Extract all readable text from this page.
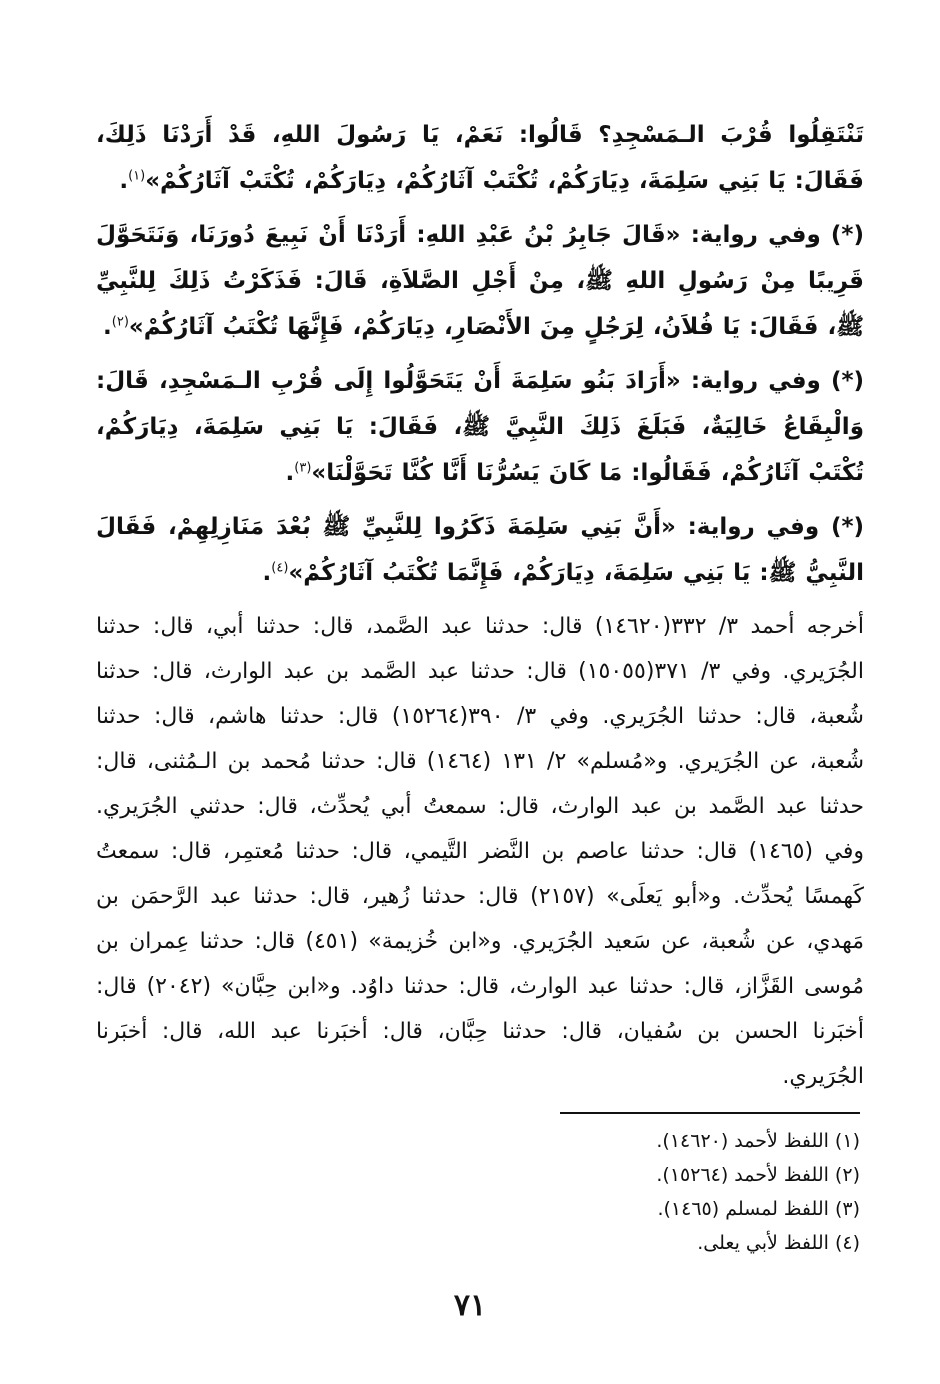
تَنْتَقِلُوا قُرْبَ الـمَسْجِدِ؟ قَالُوا: نَعَمْ، يَا رَسُولَ اللهِ، قَدْ أَرَدْنَا ذَلِكَ، فَقَالَ: يَا بَنِي سَلِمَةَ، دِيَارَكُمْ، تُكْتَبْ آثَارُكُمْ، دِيَارَكُمْ، تُكْتَبْ آثَارُكُمْ»$^{(١)}$.

(*) وفي رواية: «قَالَ جَابِرُ بْنُ عَبْدِ اللهِ: أَرَدْنَا أَنْ نَبِيعَ دُورَنَا، وَنَتَحَوَّلَ قَرِيبًا مِنْ رَسُولِ اللهِ ﷺ، مِنْ أَجْلِ الصَّلاَةِ، قَالَ: فَذَكَرْتُ ذَلِكَ لِلنَّبِيِّ ﷺ، فَقَالَ: يَا فُلاَنُ، لِرَجُلٍ مِنَ الأَنْصَارِ، دِيَارَكُمْ، فَإِنَّهَا تُكْتَبُ آثَارُكُمْ»$^{(٢)}$.

(*) وفي رواية: «أَرَادَ بَنُو سَلِمَةَ أَنْ يَتَحَوَّلُوا إِلَى قُرْبِ الـمَسْجِدِ، قَالَ: وَالْبِقَاعُ خَالِيَةٌ، فَبَلَغَ ذَلِكَ النَّبِيَّ ﷺ، فَقَالَ: يَا بَنِي سَلِمَةَ، دِيَارَكُمْ، تُكْتَبْ آثَارُكُمْ، فَقَالُوا: مَا كَانَ يَسُرُّنَا أَنَّا كُنَّا تَحَوَّلْنَا»$^{(٣)}$.

(*) وفي رواية: «أَنَّ بَنِي سَلِمَةَ ذَكَرُوا لِلنَّبِيِّ ﷺ بُعْدَ مَنَازِلِهِمْ، فَقَالَ النَّبِيُّ ﷺ: يَا بَنِي سَلِمَةَ، دِيَارَكُمْ، فَإِنَّمَا تُكْتَبُ آثَارُكُمْ»$^{(٤)}$.

أخرجه أحمد ٣/ ٣٣٢(١٤٦٢٠) قال: حدثنا عبد الصَّمد، قال: حدثنا أبي، قال: حدثنا الجُرَيري. وفي ٣/ ٣٧١(١٥٠٥٥) قال: حدثنا عبد الصَّمد بن عبد الوارث، قال: حدثنا شُعبة، قال: حدثنا الجُرَيري. وفي ٣/ ٣٩٠(١٥٢٦٤) قال: حدثنا هاشم، قال: حدثنا شُعبة، عن الجُرَيري. و«مُسلم» ٢/ ١٣١ (١٤٦٤) قال: حدثنا مُحمد بن الـمُثنى، قال: حدثنا عبد الصَّمد بن عبد الوارث، قال: سمعتُ أبي يُحدِّث، قال: حدثني الجُرَيري. وفي (١٤٦٥) قال: حدثنا عاصم بن النَّضر التَّيمي، قال: حدثنا مُعتمِر، قال: سمعتُ كَهمسًا يُحدِّث. و«أبو يَعلَى» (٢١٥٧) قال: حدثنا زُهير، قال: حدثنا عبد الرَّحمَن بن مَهدي، عن شُعبة، عن سَعيد الجُرَيري. و«ابن خُزيمة» (٤٥١) قال: حدثنا عِمران بن مُوسى القَزَّاز، قال: حدثنا عبد الوارث، قال: حدثنا داوُد. و«ابن حِبَّان» (٢٠٤٢) قال: أخبَرنا الحسن بن سُفيان، قال: حدثنا حِبَّان، قال: أخبَرنا عبد الله، قال: أخبَرنا الجُرَيري.

(١) اللفظ لأحمد (١٤٦٢٠).

(٢) اللفظ لأحمد (١٥٢٦٤).

(٣) اللفظ لمسلم (١٤٦٥).

(٤) اللفظ لأبي يعلى.

٧١
